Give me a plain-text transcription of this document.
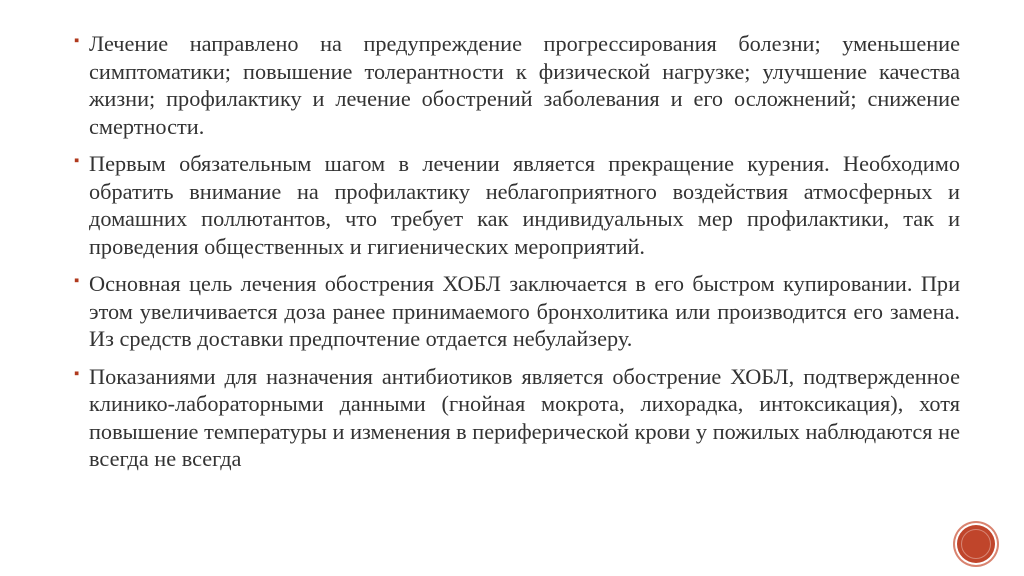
▪ Лечение направлено на предупреждение прогрессирования болезни; уменьшение симптоматики; повышение толерантности к физической нагрузке; улучшение качества жизни; профилактику и лечение обострений заболевания и его осложнений; снижение смертности.
▪ Первым обязательным шагом в лечении является прекращение курения. Необходимо обратить внимание на профилактику неблагоприятного воздействия атмосферных и домашних поллютантов, что требует как индивидуальных мер профилактики, так и проведения общественных и гигиенических мероприятий.
▪ Основная цель лечения обострения ХОБЛ заключается в его быстром купировании. При этом увеличивается доза ранее принимаемого бронхолитика или производится его замена. Из средств доставки предпочтение отдается небулайзеру.
▪ Показаниями для назначения антибиотиков является обострение ХОБЛ, подтвержденное клинико-лабораторными данными (гнойная мокрота, лихорадка, интоксикация), хотя повышение температуры и изменения в периферической крови у пожилых наблюдаются не всегда не всегда
